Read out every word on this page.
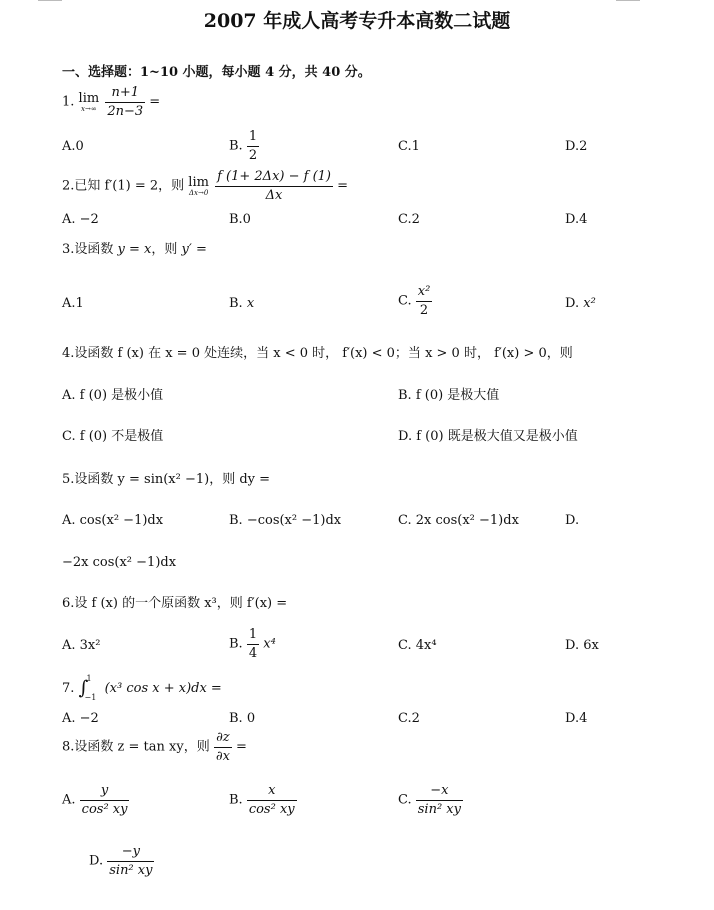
2007 年成人高考专升本高数二试题
一、选择题：1~10 小题，每小题 4 分，共 40 分。
1. lim
x→∞
$\frac{n+1}{2n-3}$ =
A.0	B. $\frac{1}{2}$	C.1	D.2
2.已知 f′(1) = 2，则 lim
Δx→0
$\frac{f (1+ 2\Delta x) - f (1)}{\Delta x}$ =
A. −2	B.0	C.2	D.4
3.设函数 y = x，则 y′ =
A.1	B. x	C. $\frac{\text{x²}}{2}$	D. x²
4.设函数 f (x) 在 x = 0 处连续，当 x < 0 时， f′(x) < 0；当 x > 0 时， f′(x) > 0，则
A. f (0) 是极小值	B. f (0) 是极大值
C. f (0) 不是极值	D. f (0) 既是极大值又是极小值
5.设函数 y = sin(x² −1)，则 dy =
A. cos(x² −1)dx	B. −cos(x² −1)dx	C. 2x cos(x² −1)dx	D.
−2x cos(x² −1)dx
6.设 f (x) 的一个原函数 x³，则 f′(x) =
A. 3x²	B. $\frac{1}{4} x^4$	C. 4x⁴	D. 6x
7. ∫
1
−1
(x³ cos x + x)dx =
A. −2	B. 0	C.2	D.4
8.设函数 z = tan xy，则 $\frac{\partial z}{\partial x}$ =
A. $\frac{y}{\text{cos² xy}}$	B. $\frac{x}{\text{cos² xy}}$	C. $\frac{-x}{\text{sin² xy}}$
D. $\frac{-y}{\text{sin² xy}}$
